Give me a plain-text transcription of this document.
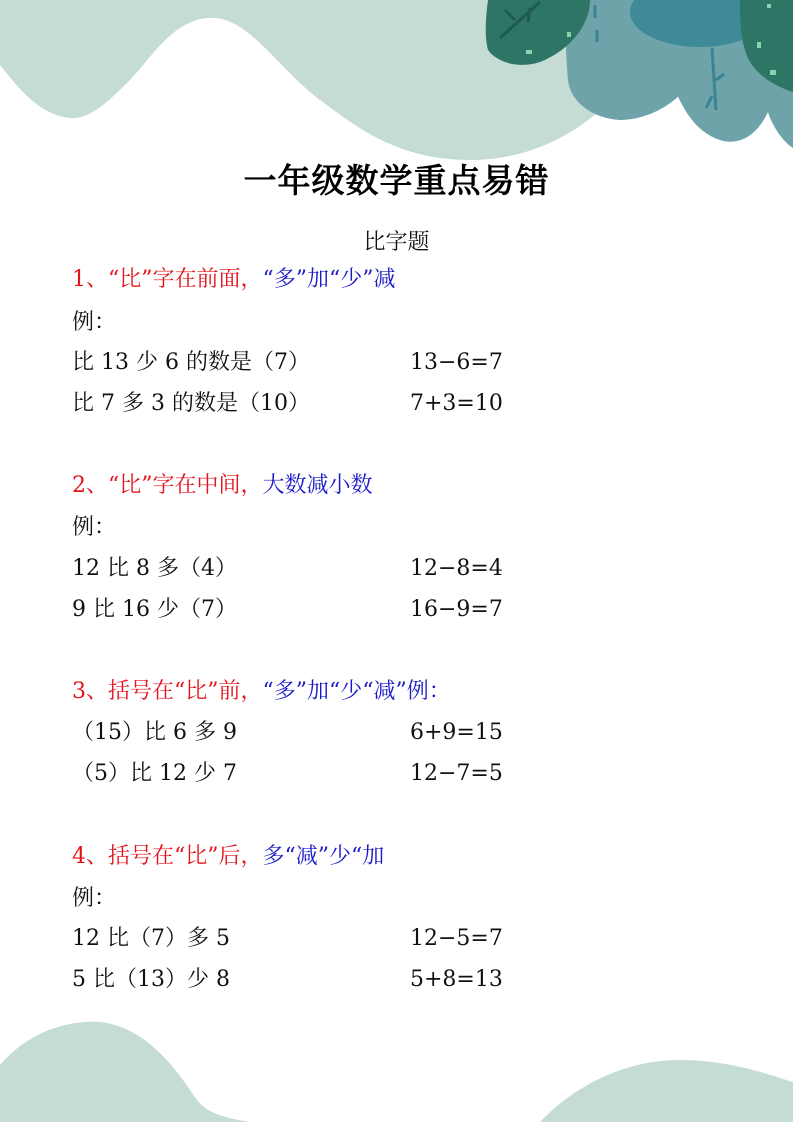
一年级数学重点易错
比字题
1、“比”字在前面，“多”加“少”减
例：
比 13 少 6 的数是（7）	13−6=7
比 7 多 3 的数是（10）	7+3=10
2、“比”字在中间，大数减小数
例：
12 比 8 多（4）	12−8=4
9 比 16 少（7）	16−9=7
3、括号在“比”前，“多”加“少“减”例：
（15）比 6 多 9	6+9=15
（5）比 12 少 7	12−7=5
4、括号在“比”后，多“减”少“加
例：
12 比（7）多 5	12−5=7
5 比（13）少 8	5+8=13
